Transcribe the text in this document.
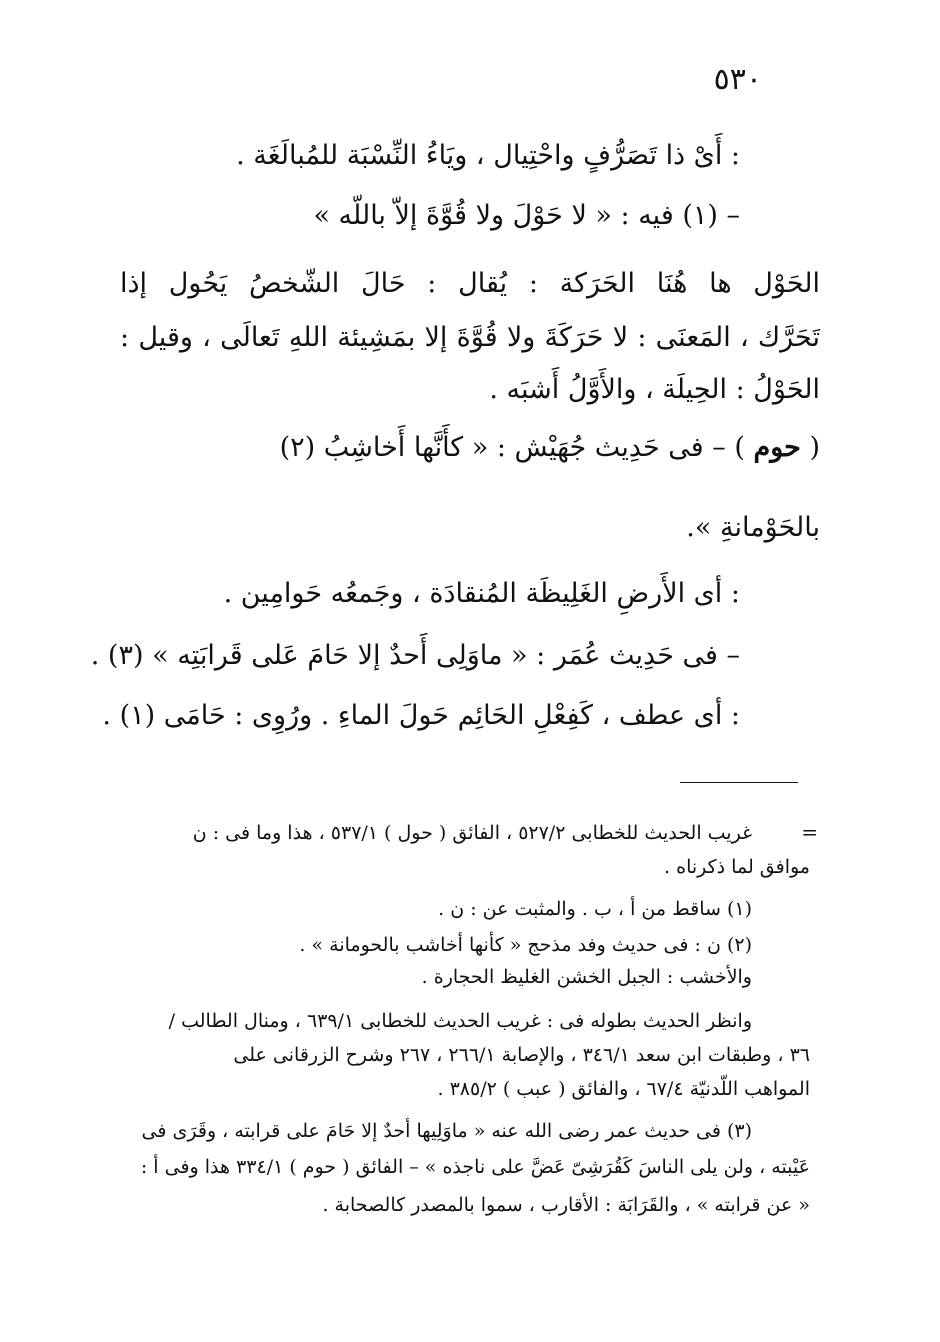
٥٣٠
: أَىْ ذا تَصَرُّفٍ واحْتِيال ، ويَاءُ النِّسْبَة للمُبالَغَة .
– (١) فيه : « لا حَوْلَ ولا قُوَّةَ إلاّ باللّه »
الحَوْل ها هُنَا الحَرَكة : يُقال : حَالَ الشّخصُ يَحُول إذا
تَحَرَّك ، المَعنَى : لا حَرَكَةَ ولا قُوَّةَ إلا بمَشِيئة اللهِ تَعالَى ، وقيل :
الحَوْلُ : الحِيلَة ، والأَوَّلُ أَشبَه .
( حوم ) – فى حَدِيث جُهَيْش : « كأَنَّها أَخاشِبُ (٢)
بالحَوْمانةِ ».
: أى الأَرضِ الغَلِيظَة المُنقادَة ، وجَمعُه حَوامِين .
– فى حَدِيث عُمَر : « ماوَلِى أَحدٌ إلا حَامَ عَلى قَرابَتِه » (٣) .
: أى عطف ، كَفِعْلِ الحَائِم حَولَ الماءِ . ورُوِى : حَامَى (١) .
=
غريب الحديث للخطابى ٥٢٧/٢ ، الفائق ( حول ) ٥٣٧/١ ، هذا وما فى : ن
موافق لما ذكرناه .
(١) ساقط من أ ، ب . والمثبت عن : ن .
(٢) ن : فى حديث وفد مذحج « كأنها أخاشب بالحومانة » .
والأخشب : الجبل الخشن الغليظ الحجارة .
وانظر الحديث بطوله فى : غريب الحديث للخطابى ٦٣٩/١ ، ومنال الطالب /
٣٦ ، وطبقات ابن سعد ٣٤٦/١ ، والإصابة ٢٦٦/١ ، ٢٦٧ وشرح الزرقانى على
المواهب اللّدنيّة ٦٧/٤ ، والفائق ( عبب ) ٣٨٥/٢ .
(٣) فى حديث عمر رضى الله عنه « ماوَلِيها أحدٌ إلا حَامَ على قرابته ، وقَرَى فى
عَيْبته ، ولن يلى الناسَ كَقُرَشِىّ عَضَّ على ناجذه » – الفائق ( حوم ) ٣٣٤/١ هذا وفى أ :
« عن قرابته » ، والقَرَابَة : الأقارب ، سموا بالمصدر كالصحابة .
